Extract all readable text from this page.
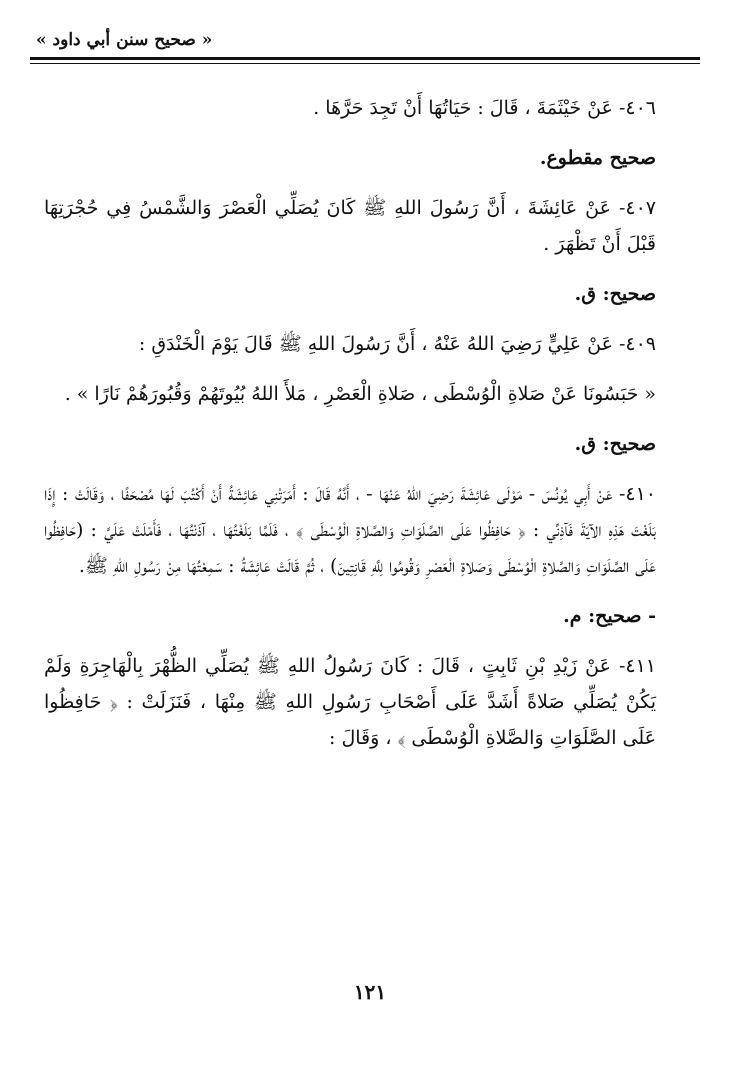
« صحيح سنن أبي داود »

٤٠٦- عَنْ خَيْثَمَةَ ، قَالَ : حَيَاتُهَا أَنْ تَجِدَ حَرَّهَا .

صحيح مقطوع.

٤٠٧- عَنْ عَائِشَةَ ، أَنَّ رَسُولَ اللهِ ﷺ كَانَ يُصَلِّي الْعَصْرَ وَالشَّمْسُ فِي حُجْرَتِهَا قَبْلَ أَنْ تَظْهَرَ .

صحيح: ق.

٤٠٩- عَنْ عَلِيٍّ رَضِيَ اللهُ عَنْهُ ، أَنَّ رَسُولَ اللهِ ﷺ قَالَ يَوْمَ الْخَنْدَقِ :

« حَبَسُونَا عَنْ صَلاةِ الْوُسْطَى ، صَلاةِ الْعَصْرِ ، مَلأَ اللهُ بُيُوتَهُمْ وَقُبُورَهُمْ نَارًا » .

صحيح: ق.

٤١٠- عَنْ أَبِي يُونُسَ - مَوْلَى عَائِشَةَ رَضِيَ اللهُ عَنْهَا - ، أَنَّهُ قَالَ : أَمَرَتْنِي عَائِشَةُ أَنْ أَكْتُبَ لَهَا مُصْحَفًا ، وَقَالَتْ : إِذَا بَلَغْتَ هَذِهِ الآيَةَ فَآذِنِّي : ﴿ حَافِظُوا عَلَى الصَّلَوَاتِ وَالصَّلاةِ الْوُسْطَى ﴾ ، فَلَمَّا بَلَغْتُهَا ، آذَنْتُهَا ، فَأَمْلَتْ عَلَيَّ : (حَافِظُوا عَلَى الصَّلَوَاتِ وَالصَّلاةِ الْوُسْطَى وَصَلاةِ الْعَصْرِ وَقُومُوا لِلَّهِ قَانِتِينَ) ، ثُمَّ قَالَتْ عَائِشَةُ : سَمِعْتُهَا مِنْ رَسُولِ اللهِ ﷺ.

- صحيح: م.

٤١١- عَنْ زَيْدِ بْنِ ثَابِتٍ ، قَالَ : كَانَ رَسُولُ اللهِ ﷺ يُصَلِّي الظُّهْرَ بِالْهَاجِرَةِ وَلَمْ يَكُنْ يُصَلِّي صَلاةً أَشَدَّ عَلَى أَصْحَابِ رَسُولِ اللهِ ﷺ مِنْهَا ، فَنَزَلَتْ : ﴿ حَافِظُوا عَلَى الصَّلَوَاتِ وَالصَّلاةِ الْوُسْطَى ﴾ ، وَقَالَ :

١٢١
